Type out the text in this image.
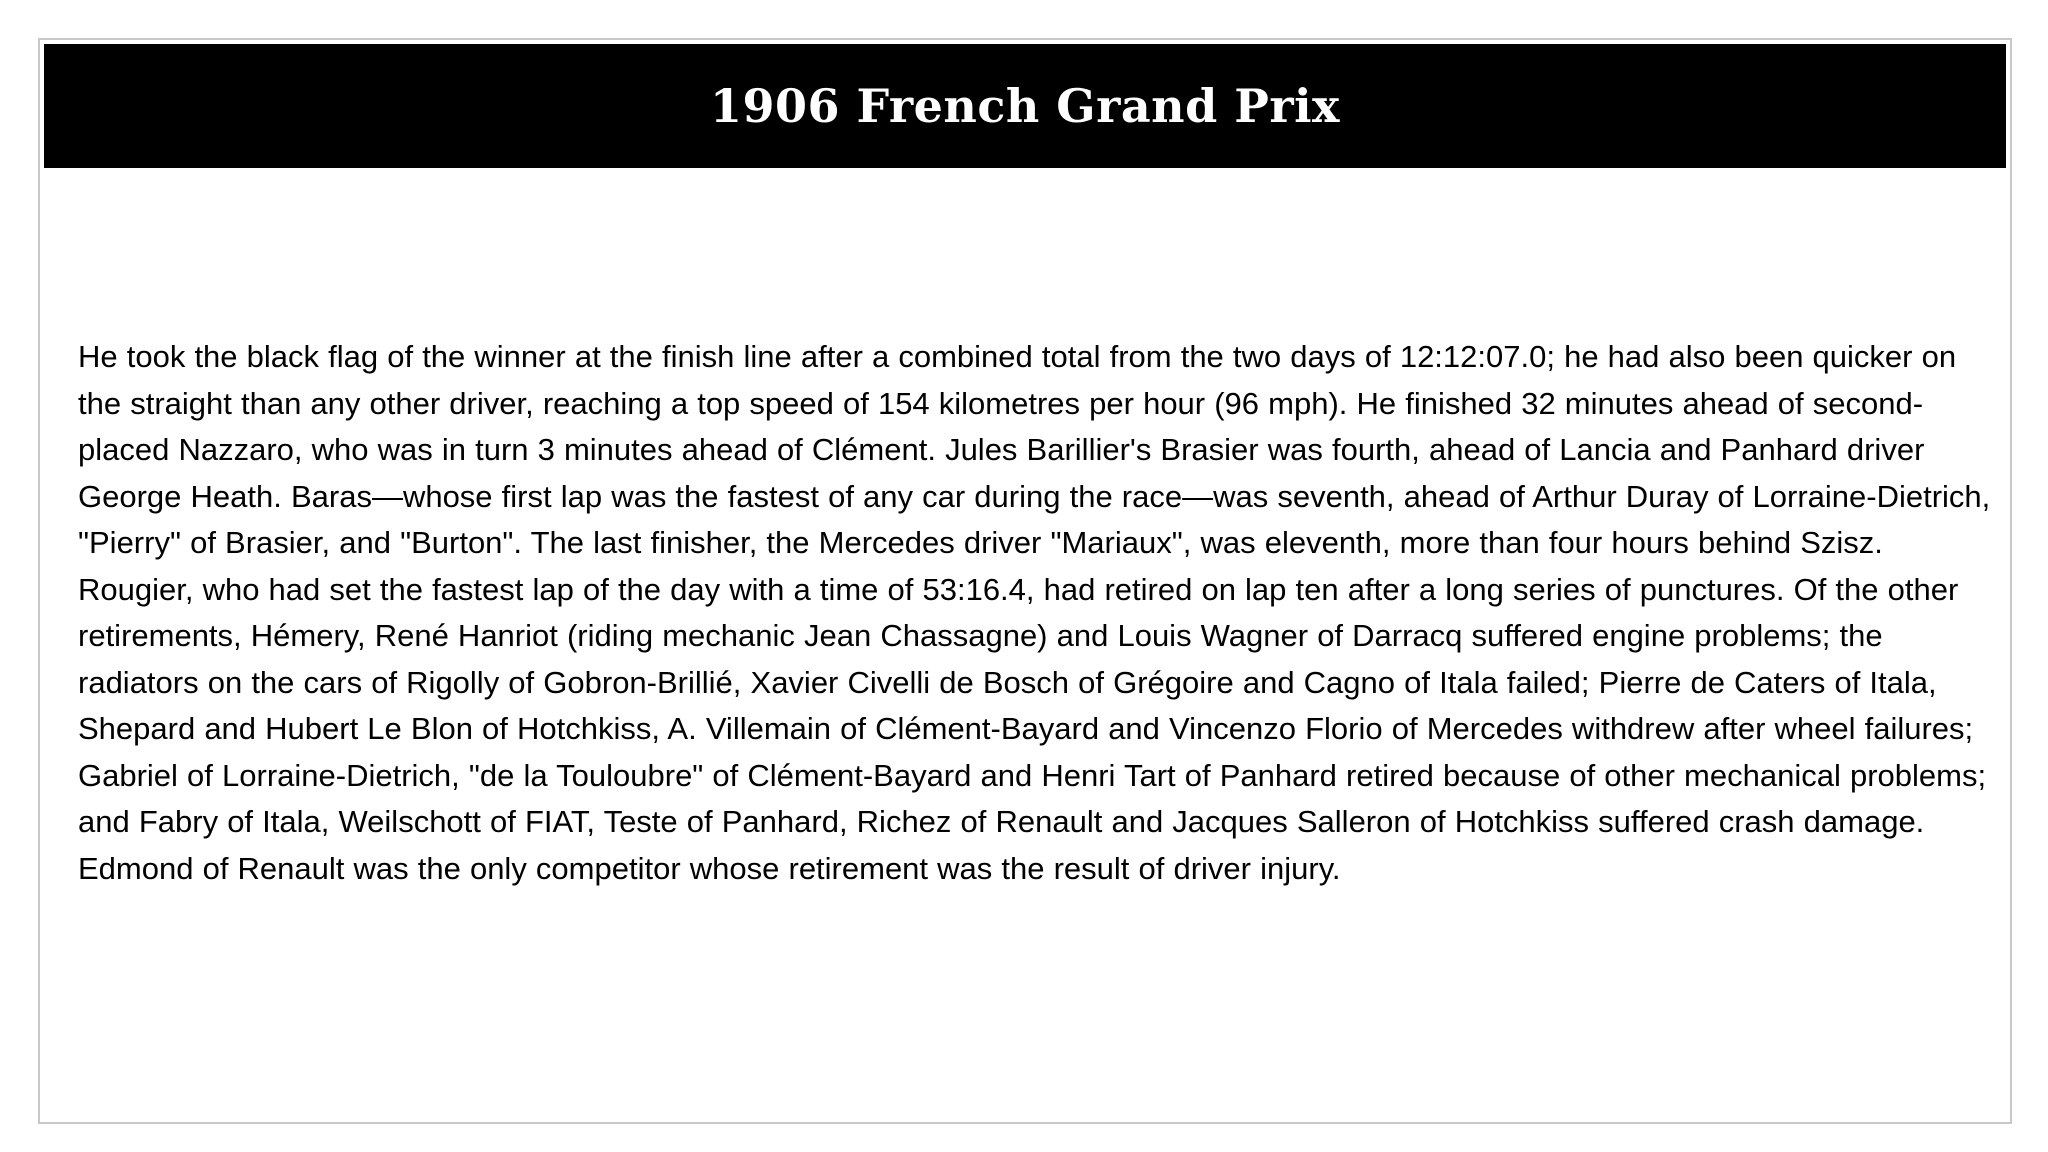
1906 French Grand Prix

He took the black flag of the winner at the finish line after a combined total from the two days of 12:12:07.0; he had also been quicker on the straight than any other driver, reaching a top speed of 154 kilometres per hour (96 mph). He finished 32 minutes ahead of second-placed Nazzaro, who was in turn 3 minutes ahead of Clément. Jules Barillier's Brasier was fourth, ahead of Lancia and Panhard driver George Heath. Baras—whose first lap was the fastest of any car during the race—was seventh, ahead of Arthur Duray of Lorraine-Dietrich, "Pierry" of Brasier, and "Burton". The last finisher, the Mercedes driver "Mariaux", was eleventh, more than four hours behind Szisz. Rougier, who had set the fastest lap of the day with a time of 53:16.4, had retired on lap ten after a long series of punctures. Of the other retirements, Hémery, René Hanriot (riding mechanic Jean Chassagne) and Louis Wagner of Darracq suffered engine problems; the radiators on the cars of Rigolly of Gobron-Brillié, Xavier Civelli de Bosch of Grégoire and Cagno of Itala failed; Pierre de Caters of Itala, Shepard and Hubert Le Blon of Hotchkiss, A. Villemain of Clément-Bayard and Vincenzo Florio of Mercedes withdrew after wheel failures; Gabriel of Lorraine-Dietrich, "de la Touloubre" of Clément-Bayard and Henri Tart of Panhard retired because of other mechanical problems; and Fabry of Itala, Weilschott of FIAT, Teste of Panhard, Richez of Renault and Jacques Salleron of Hotchkiss suffered crash damage. Edmond of Renault was the only competitor whose retirement was the result of driver injury.
